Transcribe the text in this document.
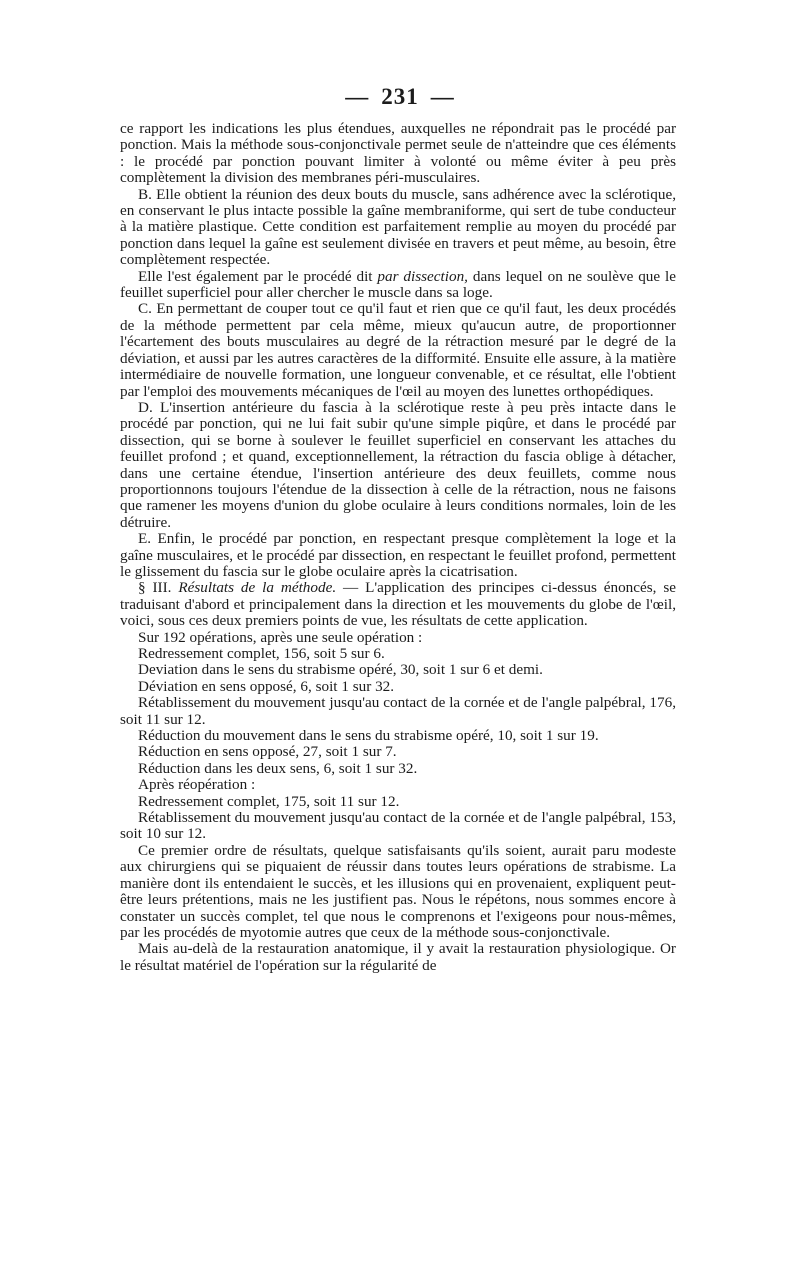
— 231 —

ce rapport les indications les plus étendues, auxquelles ne répondrait pas le procédé par ponction. Mais la méthode sous-conjonctivale permet seule de n'atteindre que ces éléments : le procédé par ponction pouvant limiter à volonté ou même éviter à peu près complètement la division des membranes péri-musculaires.

B. Elle obtient la réunion des deux bouts du muscle, sans adhérence avec la sclérotique, en conservant le plus intacte possible la gaîne membraniforme, qui sert de tube conducteur à la matière plastique. Cette condition est parfaitement remplie au moyen du procédé par ponction dans lequel la gaîne est seulement divisée en travers et peut même, au besoin, être complètement respectée.

Elle l'est également par le procédé dit par dissection, dans lequel on ne soulève que le feuillet superficiel pour aller chercher le muscle dans sa loge.

C. En permettant de couper tout ce qu'il faut et rien que ce qu'il faut, les deux procédés de la méthode permettent par cela même, mieux qu'aucun autre, de proportionner l'écartement des bouts musculaires au degré de la rétraction mesuré par le degré de la déviation, et aussi par les autres caractères de la difformité. Ensuite elle assure, à la matière intermédiaire de nouvelle formation, une longueur convenable, et ce résultat, elle l'obtient par l'emploi des mouvements mécaniques de l'œil au moyen des lunettes orthopédiques.

D. L'insertion antérieure du fascia à la sclérotique reste à peu près intacte dans le procédé par ponction, qui ne lui fait subir qu'une simple piqûre, et dans le procédé par dissection, qui se borne à soulever le feuillet superficiel en conservant les attaches du feuillet profond ; et quand, exceptionnellement, la rétraction du fascia oblige à détacher, dans une certaine étendue, l'insertion antérieure des deux feuillets, comme nous proportionnons toujours l'étendue de la dissection à celle de la rétraction, nous ne faisons que ramener les moyens d'union du globe oculaire à leurs conditions normales, loin de les détruire.

E. Enfin, le procédé par ponction, en respectant presque complètement la loge et la gaîne musculaires, et le procédé par dissection, en respectant le feuillet profond, permettent le glissement du fascia sur le globe oculaire après la cicatrisation.

§ III. Résultats de la méthode. — L'application des principes ci-dessus énoncés, se traduisant d'abord et principalement dans la direction et les mouvements du globe de l'œil, voici, sous ces deux premiers points de vue, les résultats de cette application.

Sur 192 opérations, après une seule opération :

Redressement complet, 156, soit 5 sur 6.

Deviation dans le sens du strabisme opéré, 30, soit 1 sur 6 et demi.

Déviation en sens opposé, 6, soit 1 sur 32.

Rétablissement du mouvement jusqu'au contact de la cornée et de l'angle palpébral, 176, soit 11 sur 12.

Réduction du mouvement dans le sens du strabisme opéré, 10, soit 1 sur 19.

Réduction en sens opposé, 27, soit 1 sur 7.

Réduction dans les deux sens, 6, soit 1 sur 32.

Après réopération :

Redressement complet, 175, soit 11 sur 12.

Rétablissement du mouvement jusqu'au contact de la cornée et de l'angle palpébral, 153, soit 10 sur 12.

Ce premier ordre de résultats, quelque satisfaisants qu'ils soient, aurait paru modeste aux chirurgiens qui se piquaient de réussir dans toutes leurs opérations de strabisme. La manière dont ils entendaient le succès, et les illusions qui en provenaient, expliquent peut-être leurs prétentions, mais ne les justifient pas. Nous le répétons, nous sommes encore à constater un succès complet, tel que nous le comprenons et l'exigeons pour nous-mêmes, par les procédés de myotomie autres que ceux de la méthode sous-conjonctivale.

Mais au-delà de la restauration anatomique, il y avait la restauration physiologique. Or le résultat matériel de l'opération sur la régularité de
